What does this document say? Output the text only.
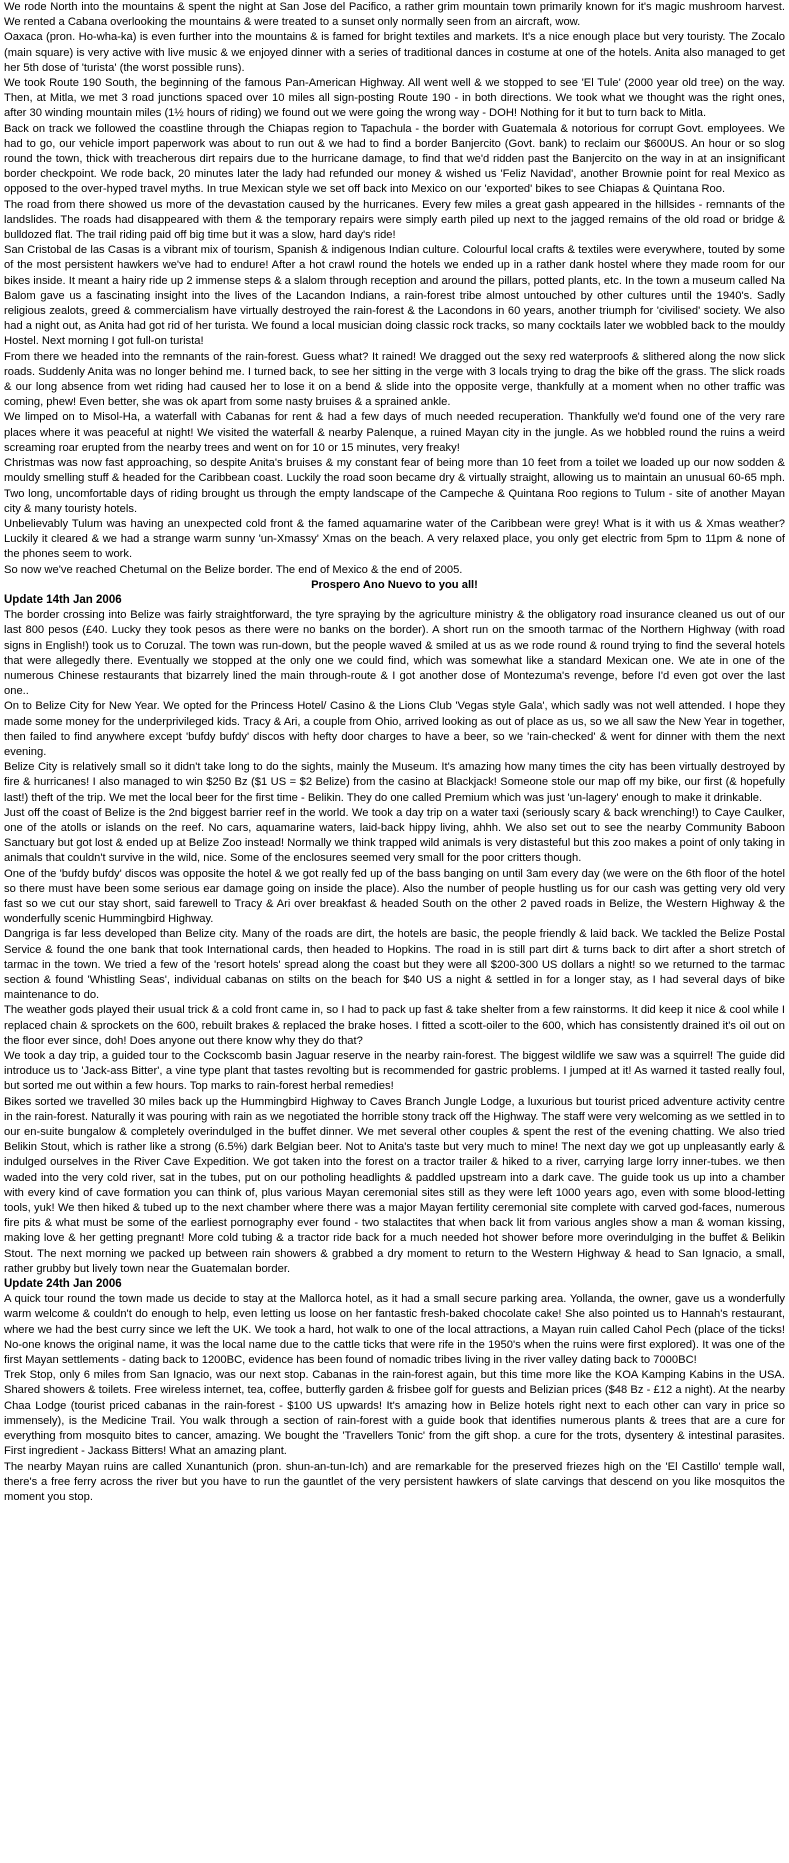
We rode North into the mountains & spent the night at San Jose del Pacifico, a rather grim mountain town primarily known for it's magic mushroom harvest. We rented a Cabana overlooking the mountains & were treated to a sunset only normally seen from an aircraft, wow.

Oaxaca (pron. Ho-wha-ka) is even further into the mountains & is famed for bright textiles and markets. It's a nice enough place but very touristy. The Zocalo (main square) is very active with live music & we enjoyed dinner with a series of traditional dances in costume at one of the hotels. Anita also managed to get her 5th dose of 'turista' (the worst possible runs).

We took Route 190 South, the beginning of the famous Pan-American Highway. All went well & we stopped to see 'El Tule' (2000 year old tree) on the way. Then, at Mitla, we met 3 road junctions spaced over 10 miles all sign-posting Route 190 - in both directions. We took what we thought was the right ones, after 30 winding mountain miles (1½ hours of riding) we found out we were going the wrong way - DOH! Nothing for it but to turn back to Mitla.

Back on track we followed the coastline through the Chiapas region to Tapachula - the border with Guatemala & notorious for corrupt Govt. employees. We had to go, our vehicle import paperwork was about to run out & we had to find a border Banjercito (Govt. bank) to reclaim our $600US. An hour or so slog round the town, thick with treacherous dirt repairs due to the hurricane damage, to find that we'd ridden past the Banjercito on the way in at an insignificant border checkpoint. We rode back, 20 minutes later the lady had refunded our money & wished us 'Feliz Navidad', another Brownie point for real Mexico as opposed to the over-hyped travel myths. In true Mexican style we set off back into Mexico on our 'exported' bikes to see Chiapas & Quintana Roo.

The road from there showed us more of the devastation caused by the hurricanes. Every few miles a great gash appeared in the hillsides - remnants of the landslides. The roads had disappeared with them & the temporary repairs were simply earth piled up next to the jagged remains of the old road or bridge & bulldozed flat. The trail riding paid off big time but it was a slow, hard day's ride!

San Cristobal de las Casas is a vibrant mix of tourism, Spanish & indigenous Indian culture. Colourful local crafts & textiles were everywhere, touted by some of the most persistent hawkers we've had to endure! After a hot crawl round the hotels we ended up in a rather dank hostel where they made room for our bikes inside. It meant a hairy ride up 2 immense steps & a slalom through reception and around the pillars, potted plants, etc. In the town a museum called Na Balom gave us a fascinating insight into the lives of the Lacandon Indians, a rain-forest tribe almost untouched by other cultures until the 1940's. Sadly religious zealots, greed & commercialism have virtually destroyed the rain-forest & the Lacondons in 60 years, another triumph for 'civilised' society. We also had a night out, as Anita had got rid of her turista. We found a local musician doing classic rock tracks, so many cocktails later we wobbled back to the mouldy Hostel. Next morning I got full-on turista!

From there we headed into the remnants of the rain-forest. Guess what? It rained! We dragged out the sexy red waterproofs & slithered along the now slick roads. Suddenly Anita was no longer behind me. I turned back, to see her sitting in the verge with 3 locals trying to drag the bike off the grass. The slick roads & our long absence from wet riding had caused her to lose it on a bend & slide into the opposite verge, thankfully at a moment when no other traffic was coming, phew! Even better, she was ok apart from some nasty bruises & a sprained ankle.

We limped on to Misol-Ha, a waterfall with Cabanas for rent & had a few days of much needed recuperation. Thankfully we'd found one of the very rare places where it was peaceful at night! We visited the waterfall & nearby Palenque, a ruined Mayan city in the jungle. As we hobbled round the ruins a weird screaming roar erupted from the nearby trees and went on for 10 or 15 minutes, very freaky!

Christmas was now fast approaching, so despite Anita's bruises & my constant fear of being more than 10 feet from a toilet we loaded up our now sodden & mouldy smelling stuff & headed for the Caribbean coast. Luckily the road soon became dry & virtually straight, allowing us to maintain an unusual 60-65 mph. Two long, uncomfortable days of riding brought us through the empty landscape of the Campeche & Quintana Roo regions to Tulum - site of another Mayan city & many touristy hotels.

Unbelievably Tulum was having an unexpected cold front & the famed aquamarine water of the Caribbean were grey! What is it with us & Xmas weather? Luckily it cleared & we had a strange warm sunny 'un-Xmassy' Xmas on the beach. A very relaxed place, you only get electric from 5pm to 11pm & none of the phones seem to work.

So now we've reached Chetumal on the Belize border. The end of Mexico & the end of 2005.

Prospero Ano Nuevo to you all!

Update 14th Jan 2006

The border crossing into Belize was fairly straightforward, the tyre spraying by the agriculture ministry & the obligatory road insurance cleaned us out of our last 800 pesos (£40. Lucky they took pesos as there were no banks on the border). A short run on the smooth tarmac of the Northern Highway (with road signs in English!) took us to Coruzal. The town was run-down, but the people waved & smiled at us as we rode round & round trying to find the several hotels that were allegedly there. Eventually we stopped at the only one we could find, which was somewhat like a standard Mexican one. We ate in one of the numerous Chinese restaurants that bizarrely lined the main through-route & I got another dose of Montezuma's revenge, before I'd even got over the last one..

On to Belize City for New Year. We opted for the Princess Hotel/ Casino & the Lions Club 'Vegas style Gala', which sadly was not well attended. I hope they made some money for the underprivileged kids. Tracy & Ari, a couple from Ohio, arrived looking as out of place as us, so we all saw the New Year in together, then failed to find anywhere except 'bufdy bufdy' discos with hefty door charges to have a beer, so we 'rain-checked' & went for dinner with them the next evening.

Belize City is relatively small so it didn't take long to do the sights, mainly the Museum. It's amazing how many times the city has been virtually destroyed by fire & hurricanes! I also managed to win $250 Bz ($1 US = $2 Belize) from the casino at Blackjack! Someone stole our map off my bike, our first (& hopefully last!) theft of the trip. We met the local beer for the first time - Belikin. They do one called Premium which was just 'un-lagery' enough to make it drinkable.

Just off the coast of Belize is the 2nd biggest barrier reef in the world. We took a day trip on a water taxi (seriously scary & back wrenching!) to Caye Caulker, one of the atolls or islands on the reef. No cars, aquamarine waters, laid-back hippy living, ahhh. We also set out to see the nearby Community Baboon Sanctuary but got lost & ended up at Belize Zoo instead! Normally we think trapped wild animals is very distasteful but this zoo makes a point of only taking in animals that couldn't survive in the wild, nice. Some of the enclosures seemed very small for the poor critters though.

One of the 'bufdy bufdy' discos was opposite the hotel & we got really fed up of the bass banging on until 3am every day (we were on the 6th floor of the hotel so there must have been some serious ear damage going on inside the place). Also the number of people hustling us for our cash was getting very old very fast so we cut our stay short, said farewell to Tracy & Ari over breakfast & headed South on the other 2 paved roads in Belize, the Western Highway & the wonderfully scenic Hummingbird Highway.

Dangriga is far less developed than Belize city. Many of the roads are dirt, the hotels are basic, the people friendly & laid back. We tackled the Belize Postal Service & found the one bank that took International cards, then headed to Hopkins. The road in is still part dirt & turns back to dirt after a short stretch of tarmac in the town. We tried a few of the 'resort hotels' spread along the coast but they were all $200-300 US dollars a night! so we returned to the tarmac section & found 'Whistling Seas', individual cabanas on stilts on the beach for $40 US a night & settled in for a longer stay, as I had several days of bike maintenance to do.

The weather gods played their usual trick & a cold front came in, so I had to pack up fast & take shelter from a few rainstorms. It did keep it nice & cool while I replaced chain & sprockets on the 600, rebuilt brakes & replaced the brake hoses. I fitted a scott-oiler to the 600, which has consistently drained it's oil out on the floor ever since, doh! Does anyone out there know why they do that?

We took a day trip, a guided tour to the Cockscomb basin Jaguar reserve in the nearby rain-forest. The biggest wildlife we saw was a squirrel! The guide did introduce us to 'Jack-ass Bitter', a vine type plant that tastes revolting but is recommended for gastric problems. I jumped at it! As warned it tasted really foul, but sorted me out within a few hours. Top marks to rain-forest herbal remedies!

Bikes sorted we travelled 30 miles back up the Hummingbird Highway to Caves Branch Jungle Lodge, a luxurious but tourist priced adventure activity centre in the rain-forest. Naturally it was pouring with rain as we negotiated the horrible stony track off the Highway. The staff were very welcoming as we settled in to our en-suite bungalow & completely overindulged in the buffet dinner. We met several other couples & spent the rest of the evening chatting. We also tried Belikin Stout, which is rather like a strong (6.5%) dark Belgian beer. Not to Anita's taste but very much to mine! The next day we got up unpleasantly early & indulged ourselves in the River Cave Expedition. We got taken into the forest on a tractor trailer & hiked to a river, carrying large lorry inner-tubes. we then waded into the very cold river, sat in the tubes, put on our potholing headlights & paddled upstream into a dark cave. The guide took us up into a chamber with every kind of cave formation you can think of, plus various Mayan ceremonial sites still as they were left 1000 years ago, even with some blood-letting tools, yuk! We then hiked & tubed up to the next chamber where there was a major Mayan fertility ceremonial site complete with carved god-faces, numerous fire pits & what must be some of the earliest pornography ever found - two stalactites that when back lit from various angles show a man & woman kissing, making love & her getting pregnant! More cold tubing & a tractor ride back for a much needed hot shower before more overindulging in the buffet & Belikin Stout. The next morning we packed up between rain showers & grabbed a dry moment to return to the Western Highway & head to San Ignacio, a small, rather grubby but lively town near the Guatemalan border.

Update 24th Jan 2006

A quick tour round the town made us decide to stay at the Mallorca hotel, as it had a small secure parking area. Yollanda, the owner, gave us a wonderfully warm welcome & couldn't do enough to help, even letting us loose on her fantastic fresh-baked chocolate cake! She also pointed us to Hannah's restaurant, where we had the best curry since we left the UK. We took a hard, hot walk to one of the local attractions, a Mayan ruin called Cahol Pech (place of the ticks! No-one knows the original name, it was the local name due to the cattle ticks that were rife in the 1950's when the ruins were first explored). It was one of the first Mayan settlements - dating back to 1200BC, evidence has been found of nomadic tribes living in the river valley dating back to 7000BC!

Trek Stop, only 6 miles from San Ignacio, was our next stop. Cabanas in the rain-forest again, but this time more like the KOA Kamping Kabins in the USA. Shared showers & toilets. Free wireless internet, tea, coffee, butterfly garden & frisbee golf for guests and Belizian prices ($48 Bz - £12 a night). At the nearby Chaa Lodge (tourist priced cabanas in the rain-forest - $100 US upwards! It's amazing how in Belize hotels right next to each other can vary in price so immensely), is the Medicine Trail. You walk through a section of rain-forest with a guide book that identifies numerous plants & trees that are a cure for everything from mosquito bites to cancer, amazing. We bought the 'Travellers Tonic' from the gift shop. a cure for the trots, dysentery & intestinal parasites. First ingredient - Jackass Bitters! What an amazing plant.

The nearby Mayan ruins are called Xunantunich (pron. shun-an-tun-Ich) and are remarkable for the preserved friezes high on the 'El Castillo' temple wall, there's a free ferry across the river but you have to run the gauntlet of the very persistent hawkers of slate carvings that descend on you like mosquitos the moment you stop.
